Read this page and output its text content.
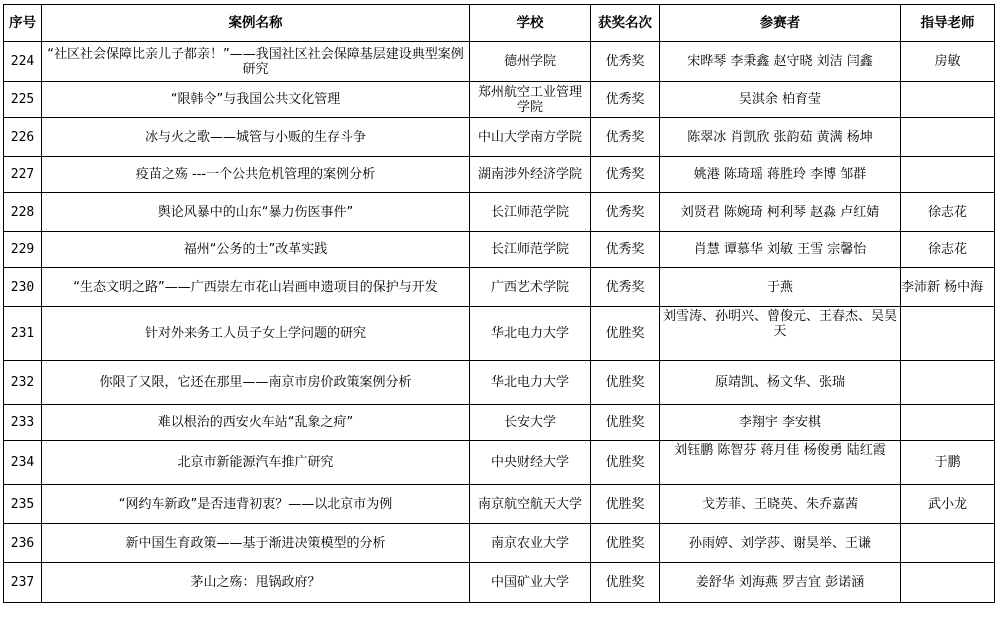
序号	案例名称	学校	获奖名次	参赛者	指导老师
224	“社区社会保障比亲儿子都亲！”——我国社区社会保障基层建设典型案例研究	德州学院	优秀奖	宋晔琴 李秉鑫 赵守晓 刘洁 闫鑫	房敏
225	“限韩令”与我国公共文化管理	郑州航空工业管理学院	优秀奖	吴淇余 柏育莹	
226	冰与火之歌——城管与小贩的生存斗争	中山大学南方学院	优秀奖	陈翠冰 肖凯欣 张韵茹 黄满 杨坤	
227	疫苗之殇 ---一个公共危机管理的案例分析	湖南涉外经济学院	优秀奖	姚港 陈琦瑶 蒋胜玲 李博 邹群	
228	舆论风暴中的山东“暴力伤医事件”	长江师范学院	优秀奖	刘贤君 陈婉琦 柯利琴 赵淼 卢红婧	徐志花
229	福州“公务的士”改革实践	长江师范学院	优秀奖	肖慧 谭慕华 刘敏 王雪 宗馨怡	徐志花
230	“生态文明之路”——广西崇左市花山岩画申遗项目的保护与开发	广西艺术学院	优秀奖	于燕	李沛新 杨中海
231	针对外来务工人员子女上学问题的研究	华北电力大学	优胜奖	刘雪涛、孙明兴、曾俊元、王春杰、吴昊天	
232	你限了又限，它还在那里——南京市房价政策案例分析	华北电力大学	优胜奖	原靖凯、杨文华、张瑞	
233	难以根治的西安火车站“乱象之疴”	长安大学	优胜奖	李翔宇 李安棋	
234	北京市新能源汽车推广研究	中央财经大学	优胜奖	刘钰鹏 陈智芬 蒋月佳 杨俊勇 陆红霞	于鹏
235	“网约车新政”是否违背初衷？——以北京市为例	南京航空航天大学	优胜奖	戈芳菲、王晓英、朱乔嘉茜	武小龙
236	新中国生育政策——基于渐进决策模型的分析	南京农业大学	优胜奖	孙雨婷、刘学莎、谢昊举、王谦	
237	茅山之殇：甩锅政府？	中国矿业大学	优胜奖	姜舒华 刘海燕 罗吉宜 彭诺涵	
